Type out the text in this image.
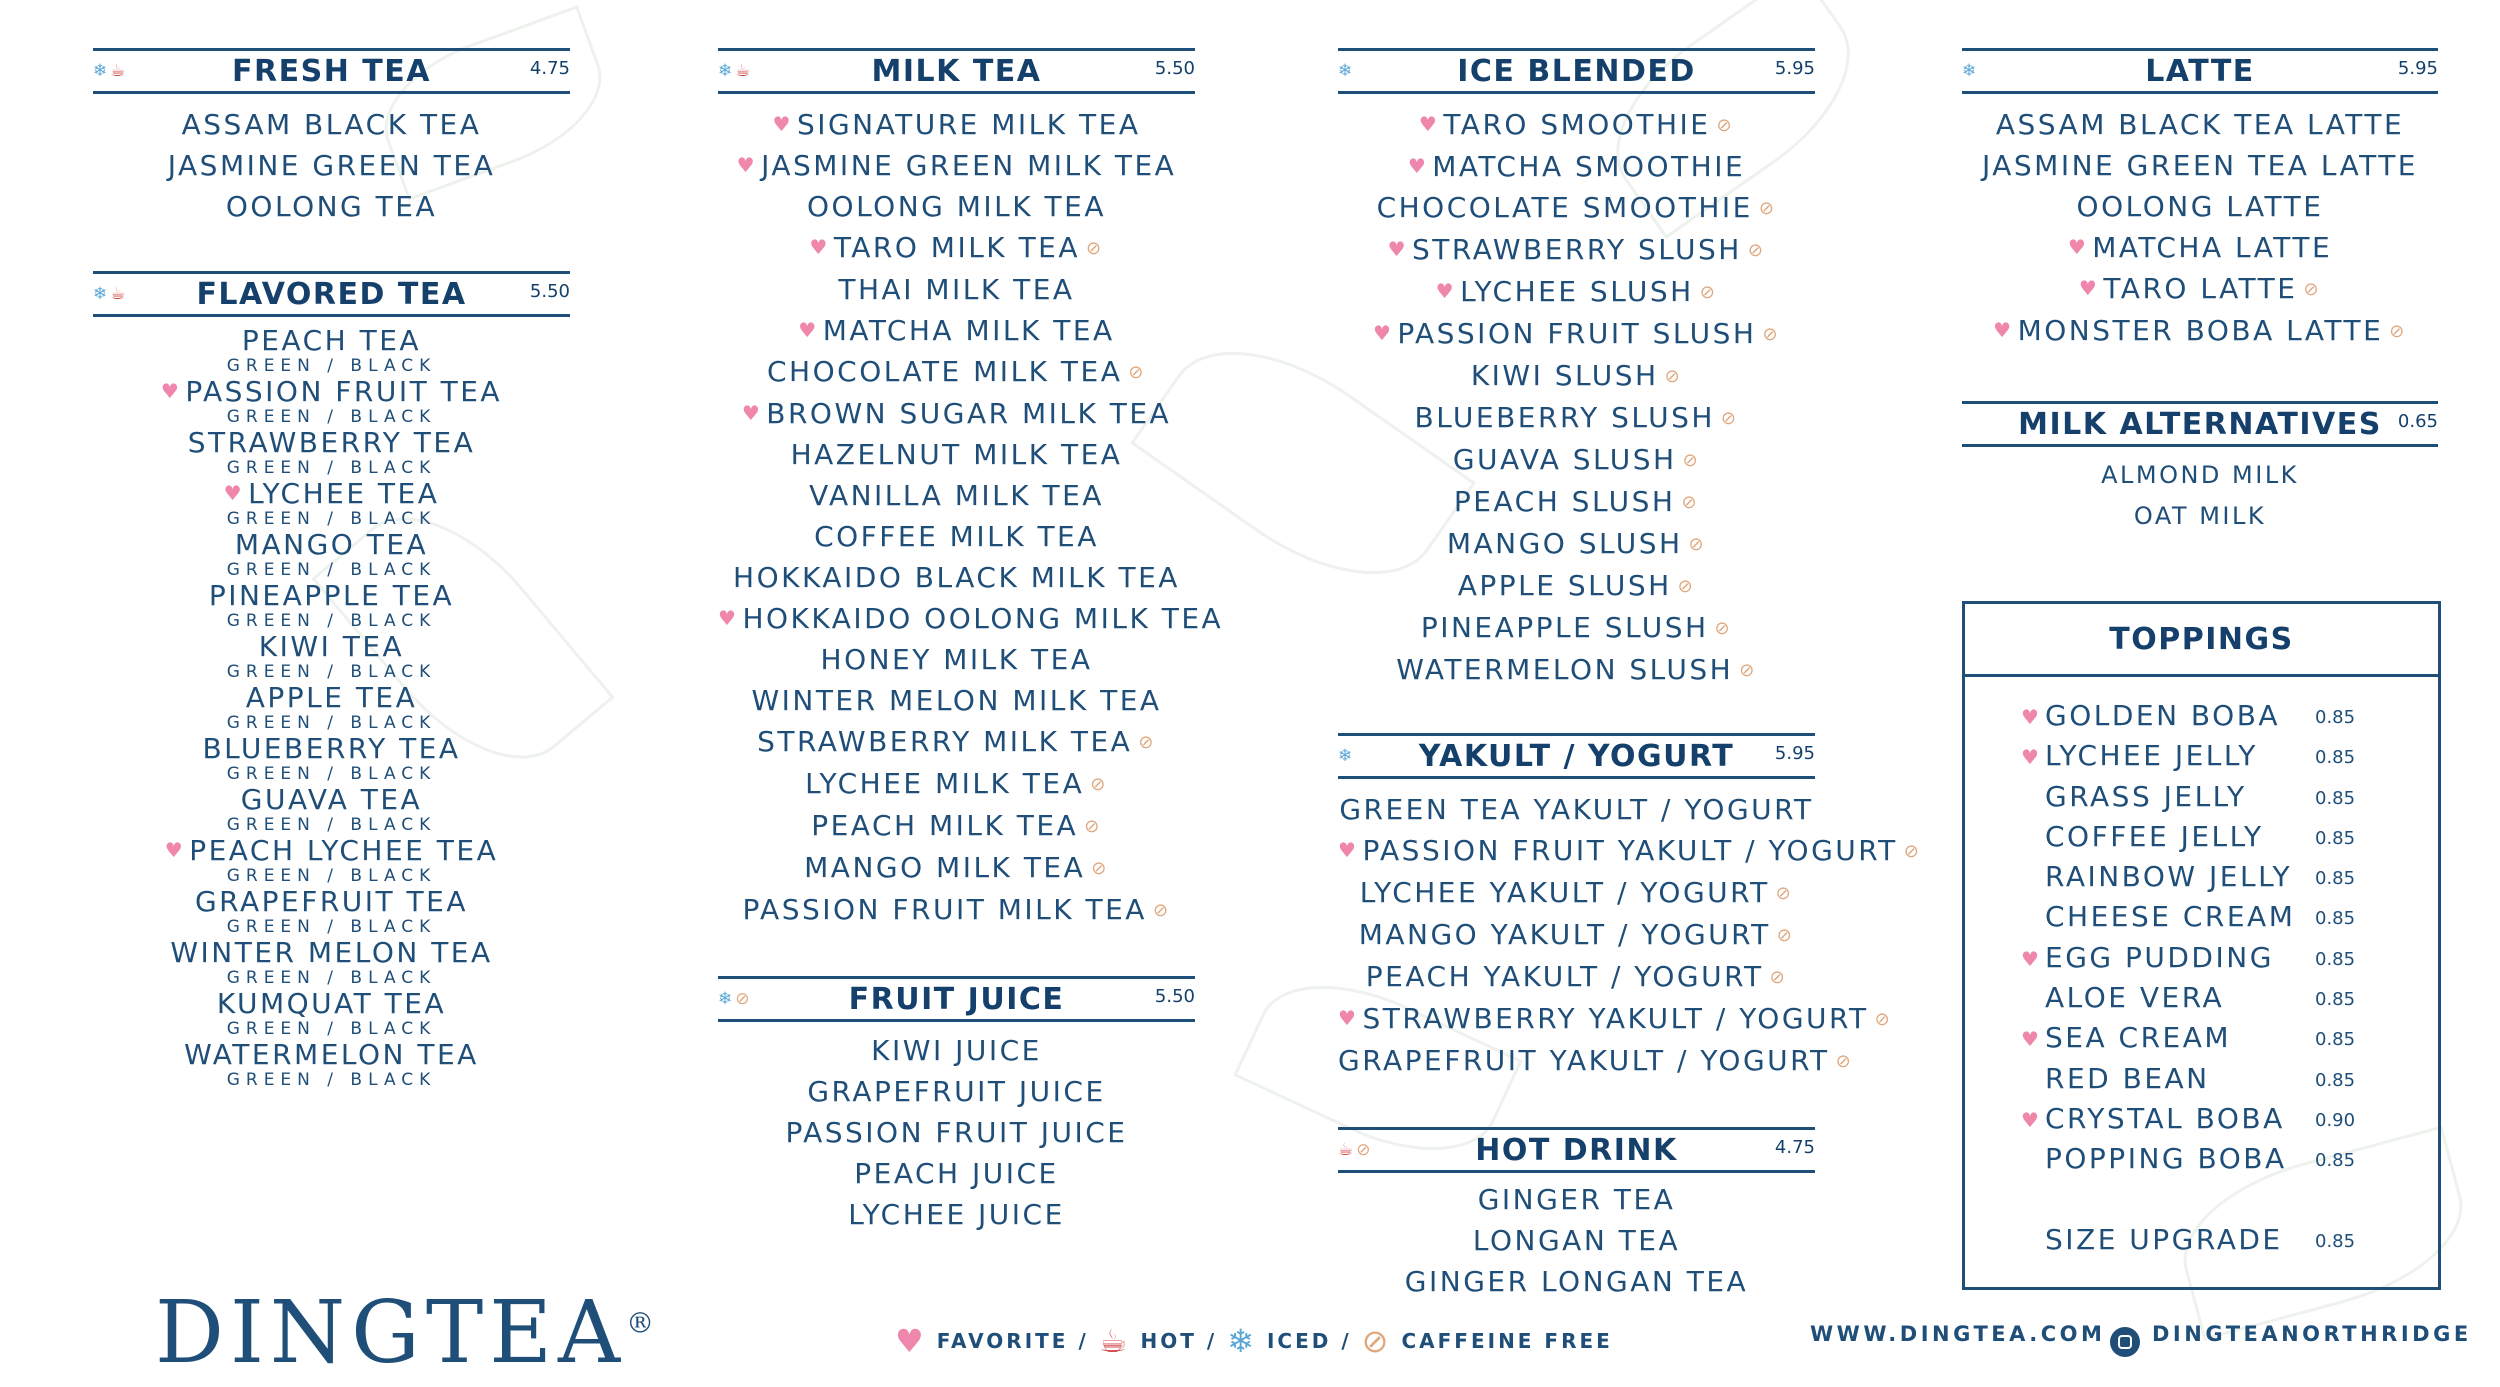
❄ ☕	FRESH TEA	4.75
ASSAM BLACK TEA
JASMINE GREEN TEA
OOLONG TEA
❄ ☕ FLAVORED TEA	5.50
PEACH TEA
GREEN / BLACK
♥ PASSION FRUIT TEA
GREEN / BLACK
STRAWBERRY TEA
GREEN / BLACK
♥ LYCHEE TEA
GREEN / BLACK
MANGO TEA
GREEN / BLACK
PINEAPPLE TEA
GREEN / BLACK
KIWI TEA
GREEN / BLACK
APPLE TEA
GREEN / BLACK
BLUEBERRY TEA
GREEN / BLACK
GUAVA TEA
GREEN / BLACK
♥ PEACH LYCHEE TEA
GREEN / BLACK
GRAPEFRUIT TEA
GREEN / BLACK
WINTER MELON TEA
GREEN / BLACK
KUMQUAT TEA
GREEN / BLACK
WATERMELON TEA
GREEN / BLACK
❄ ☕	MILK TEA	5.50
♥ SIGNATURE MILK TEA
♥ JASMINE GREEN MILK TEA
OOLONG MILK TEA
♥ TARO MILK TEA ⊘
THAI MILK TEA
♥ MATCHA MILK TEA
CHOCOLATE MILK TEA ⊘
♥ BROWN SUGAR MILK TEA
HAZELNUT MILK TEA
VANILLA MILK TEA
COFFEE MILK TEA
HOKKAIDO BLACK MILK TEA
♥ HOKKAIDO OOLONG MILK TEA
HONEY MILK TEA
WINTER MELON MILK TEA
STRAWBERRY MILK TEA ⊘
LYCHEE MILK TEA ⊘
PEACH MILK TEA ⊘
MANGO MILK TEA ⊘
PASSION FRUIT MILK TEA ⊘
❄ ⊘	FRUIT JUICE	5.50
KIWI JUICE
GRAPEFRUIT JUICE
PASSION FRUIT JUICE
PEACH JUICE
LYCHEE JUICE
❄	ICE BLENDED	5.95
♥ TARO SMOOTHIE ⊘
♥ MATCHA SMOOTHIE
CHOCOLATE SMOOTHIE ⊘
♥ STRAWBERRY SLUSH ⊘
♥ LYCHEE SLUSH ⊘
♥ PASSION FRUIT SLUSH ⊘
KIWI SLUSH ⊘
BLUEBERRY SLUSH ⊘
GUAVA SLUSH ⊘
PEACH SLUSH ⊘
MANGO SLUSH ⊘
APPLE SLUSH ⊘
PINEAPPLE SLUSH ⊘
WATERMELON SLUSH ⊘
❄ YAKULT / YOGURT 5.95
GREEN TEA YAKULT / YOGURT
♥ PASSION FRUIT YAKULT / YOGURT ⊘
LYCHEE YAKULT / YOGURT ⊘
MANGO YAKULT / YOGURT ⊘
PEACH YAKULT / YOGURT ⊘
♥ STRAWBERRY YAKULT / YOGURT ⊘
GRAPEFRUIT YAKULT / YOGURT ⊘
☕ ⊘	HOT DRINK	4.75
GINGER TEA
LONGAN TEA
GINGER LONGAN TEA
❄	LATTE	5.95
ASSAM BLACK TEA LATTE
JASMINE GREEN TEA LATTE
OOLONG LATTE
♥ MATCHA LATTE
♥ TARO LATTE ⊘
♥ MONSTER BOBA LATTE ⊘
MILK ALTERNATIVES 0.65
ALMOND MILK
OAT MILK
TOPPINGS
♥ GOLDEN BOBA 0.85
♥ LYCHEE JELLY	0.85
GRASS JELLY	0.85
COFFEE JELLY	0.85
RAINBOW JELLY 0.85
CHEESE CREAM 0.85
♥ EGG PUDDING 0.85
ALOE VERA	0.85
♥ SEA CREAM	0.85
RED BEAN	0.85
♥ CRYSTAL BOBA 0.90
POPPING BOBA 0.85
SIZE UPGRADE 0.85
DINGTEA®	♥ FAVORITE / ☕ HOT / ❄ ICED / ⊘ CAFFEINE FREE	WWW.DINGTEA.COM DINGTEANORTHRIDGE
